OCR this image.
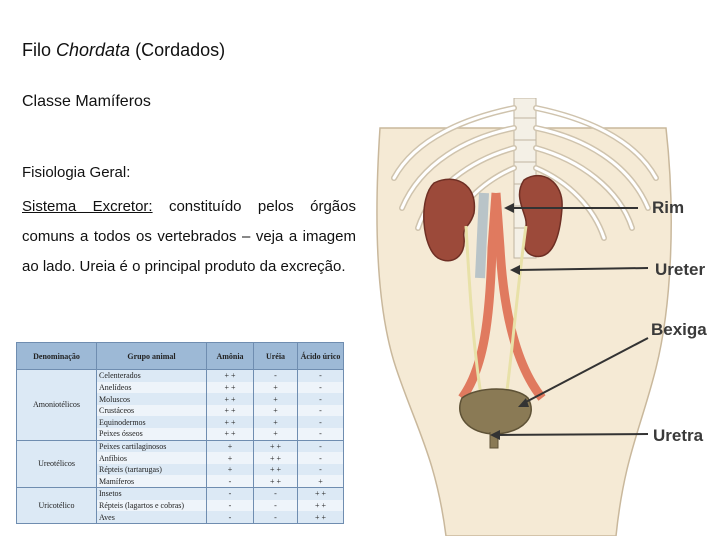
Filo Chordata (Cordados)
Classe Mamíferos
Fisiologia Geral:
Sistema Excretor: constituído pelos órgãos comuns a todos os vertebrados – veja a imagem ao lado. Ureia é o principal produto da excreção.
Denominação	Grupo animal	Amônia	Uréia	Ácido úrico
Amoniotélicos	Celenterados	+ +	-	-
	Anelídeos	+ +	+	-
	Moluscos	+ +	+	-
	Crustáceos	+ +	+	-
	Equinodermos	+ +	+	-
	Peixes ósseos	+ +	+	-
Ureotélicos	Peixes cartilaginosos	+	+ +	-
	Anfíbios	+	+ +	-
	Répteis (tartarugas)	+	+ +	-
	Mamíferos	-	+ +	+
Uricotélico	Insetos	-	-	+ +
	Répteis (lagartos e cobras)	-	-	+ +
	Aves	-	-	+ +
Rim
Ureter
Bexiga
Uretra
